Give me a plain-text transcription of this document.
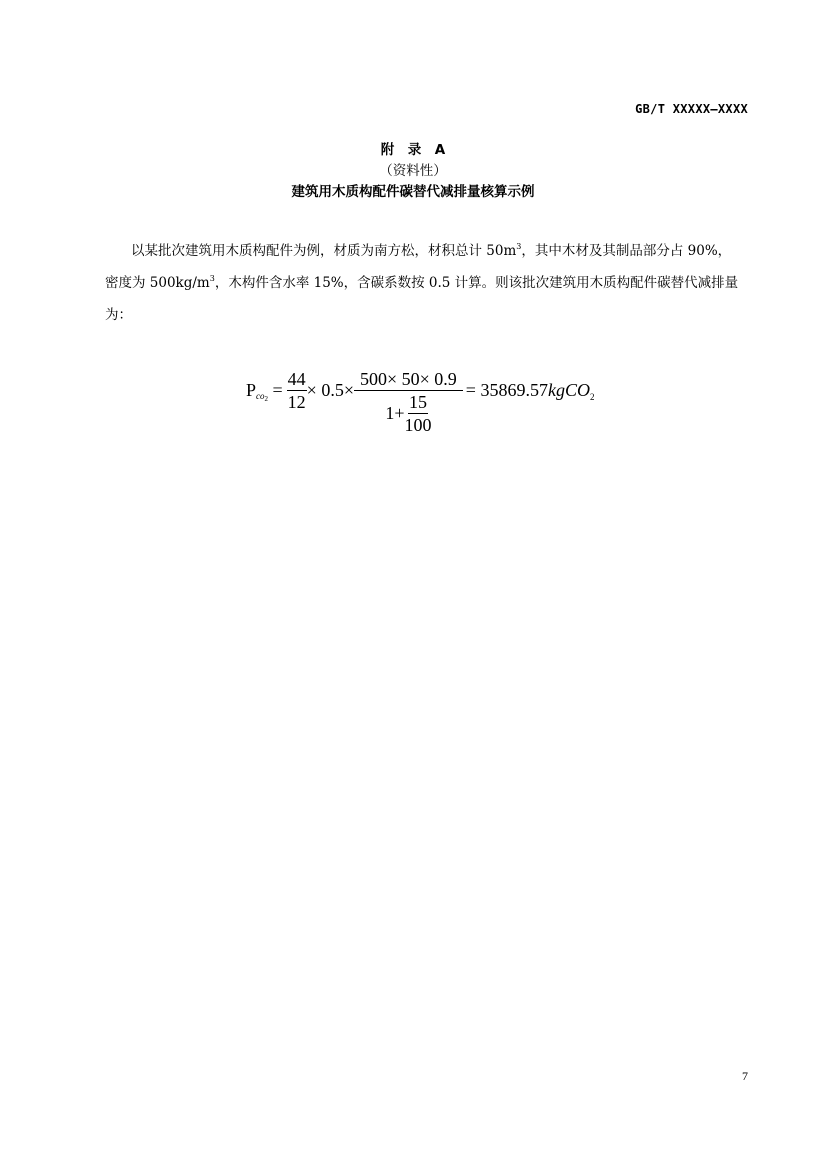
GB/T XXXXX—XXXX
附　录　A
（资料性）
建筑用木质构配件碳替代减排量核算示例
以某批次建筑用木质构配件为例，材质为南方松，材积总计 $50m^3$，其中木材及其制品部分占 90%，
密度为 $500kg/m^3$，木构件含水率 15%，含碳系数按 0.5 计算。则该批次建筑用木质构配件碳替代减排量
为：
$Pco_2 = \frac{44}{12} \times 0.5\times \frac{500\times 50\times 0.9}{1+ \frac{15}{100}}$ = 35869.57kgCO$_2$
7
